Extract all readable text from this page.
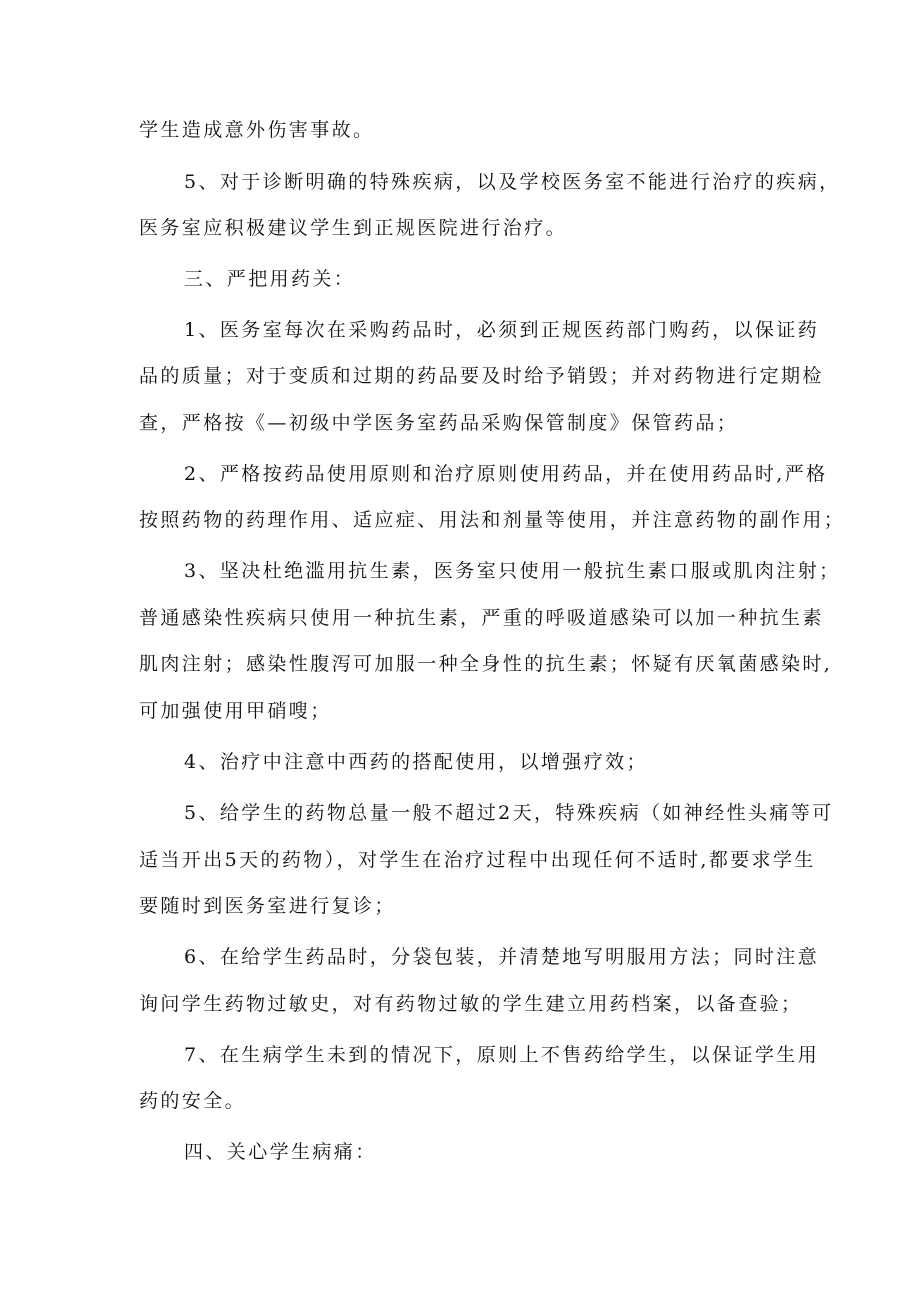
学生造成意外伤害事故。

5、对于诊断明确的特殊疾病，以及学校医务室不能进行治疗的疾病，

医务室应积极建议学生到正规医院进行治疗。

三、严把用药关：

1、医务室每次在采购药品时，必须到正规医药部门购药，以保证药

品的质量；对于变质和过期的药品要及时给予销毁；并对药物进行定期检

查，严格按《—初级中学医务室药品采购保管制度》保管药品；

2、严格按药品使用原则和治疗原则使用药品，并在使用药品时,严格

按照药物的药理作用、适应症、用法和剂量等使用，并注意药物的副作用；

3、坚决杜绝滥用抗生素，医务室只使用一般抗生素口服或肌肉注射；

普通感染性疾病只使用一种抗生素，严重的呼吸道感染可以加一种抗生素

肌肉注射；感染性腹泻可加服一种全身性的抗生素；怀疑有厌氧菌感染时,

可加强使用甲硝嗖；

4、治疗中注意中西药的搭配使用，以增强疗效；

5、给学生的药物总量一般不超过2天，特殊疾病（如神经性头痛等可

适当开出5天的药物），对学生在治疗过程中出现任何不适时,都要求学生

要随时到医务室进行复诊；

6、在给学生药品时，分袋包装，并清楚地写明服用方法；同时注意

询问学生药物过敏史，对有药物过敏的学生建立用药档案，以备查验；

7、在生病学生未到的情况下，原则上不售药给学生，以保证学生用

药的安全。

四、关心学生病痛：
